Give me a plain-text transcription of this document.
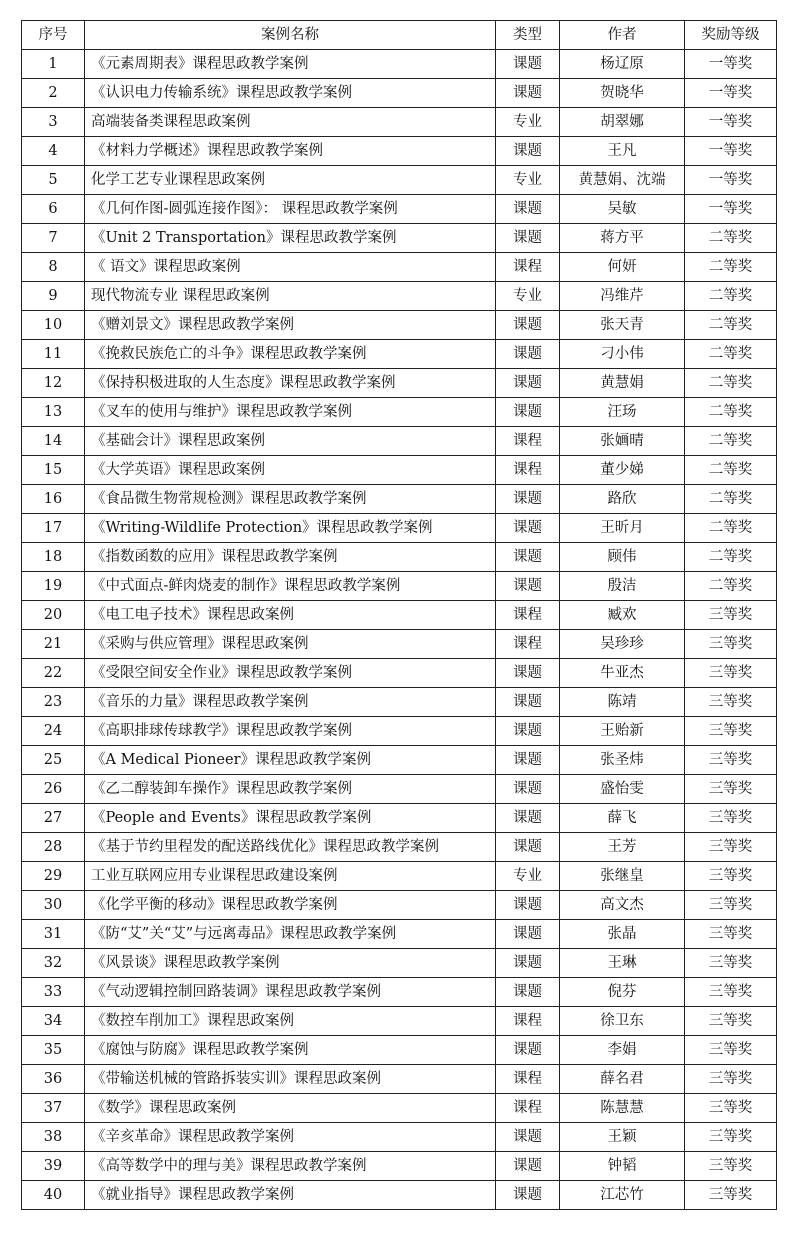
序号	案例名称	类型	作者	奖励等级
1	《元素周期表》课程思政教学案例	课题	杨辽原	一等奖
2	《认识电力传输系统》课程思政教学案例	课题	贺晓华	一等奖
3	高端装备类课程思政案例	专业	胡翠娜	一等奖
4	《材料力学概述》课程思政教学案例	课题	王凡	一等奖
5	化学工艺专业课程思政案例	专业	黄慧娟、沈端	一等奖
6	《几何作图-圆弧连接作图》： 课程思政教学案例	课题	吴敏	一等奖
7	《Unit 2 Transportation》课程思政教学案例	课题	蒋方平	二等奖
8	《 语文》课程思政案例	课程	何妍	二等奖
9	现代物流专业 课程思政案例	专业	冯维芹	二等奖
10	《赠刘景文》课程思政教学案例	课题	张天青	二等奖
11	《挽救民族危亡的斗争》课程思政教学案例	课题	刁小伟	二等奖
12	《保持积极进取的人生态度》课程思政教学案例	课题	黄慧娟	二等奖
13	《叉车的使用与维护》课程思政教学案例	课题	汪玚	二等奖
14	《基础会计》课程思政案例	课程	张婳晴	二等奖
15	《大学英语》课程思政案例	课程	董少娣	二等奖
16	《食品微生物常规检测》课程思政教学案例	课题	路欣	二等奖
17	《Writing-Wildlife Protection》课程思政教学案例	课题	王昕月	二等奖
18	《指数函数的应用》课程思政教学案例	课题	顾伟	二等奖
19	《中式面点-鲜肉烧麦的制作》课程思政教学案例	课题	殷洁	二等奖
20	《电工电子技术》课程思政案例	课程	臧欢	三等奖
21	《采购与供应管理》课程思政案例	课程	吴珍珍	三等奖
22	《受限空间安全作业》课程思政教学案例	课题	牛亚杰	三等奖
23	《音乐的力量》课程思政教学案例	课题	陈靖	三等奖
24	《高职排球传球教学》课程思政教学案例	课题	王贻新	三等奖
25	《A Medical Pioneer》课程思政教学案例	课题	张圣炜	三等奖
26	《乙二醇装卸车操作》课程思政教学案例	课题	盛怡雯	三等奖
27	《People and Events》课程思政教学案例	课题	薛飞	三等奖
28	《基于节约里程发的配送路线优化》课程思政教学案例	课题	王芳	三等奖
29	工业互联网应用专业课程思政建设案例	专业	张继皇	三等奖
30	《化学平衡的移动》课程思政教学案例	课题	高文杰	三等奖
31	《防“艾”关“艾”与远离毒品》课程思政教学案例	课题	张晶	三等奖
32	《风景谈》课程思政教学案例	课题	王琳	三等奖
33	《气动逻辑控制回路装调》课程思政教学案例	课题	倪芬	三等奖
34	《数控车削加工》课程思政案例	课程	徐卫东	三等奖
35	《腐蚀与防腐》课程思政教学案例	课题	李娟	三等奖
36	《带输送机械的管路拆装实训》课程思政案例	课程	薛名君	三等奖
37	《数学》课程思政案例	课程	陈慧慧	三等奖
38	《辛亥革命》课程思政教学案例	课题	王颖	三等奖
39	《高等数学中的理与美》课程思政教学案例	课题	钟韬	三等奖
40	《就业指导》课程思政教学案例	课题	江芯竹	三等奖
